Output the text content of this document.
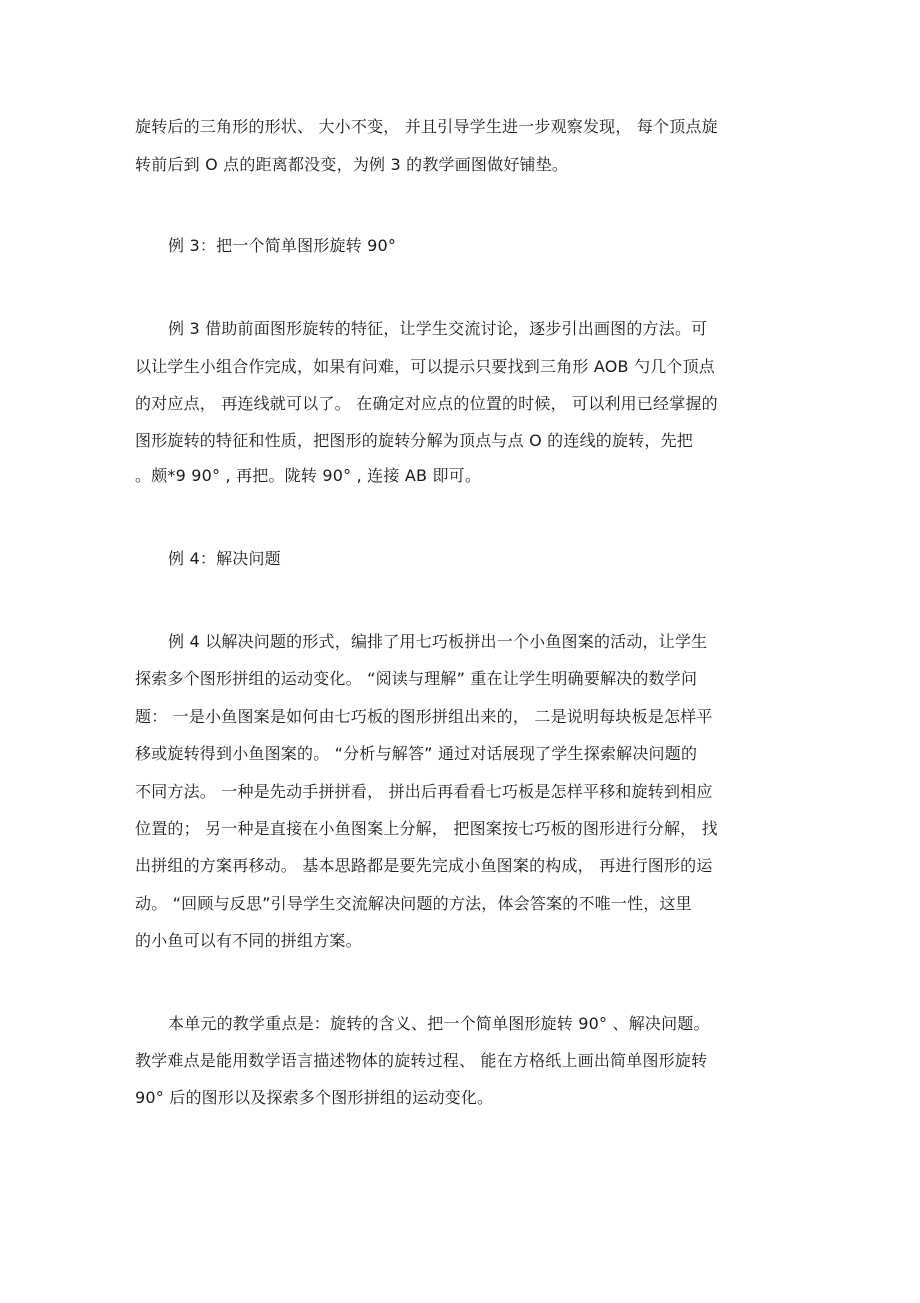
旋转后的三角形的形状、 大小不变， 并且引导学生进一步观察发现， 每个顶点旋
转前后到 O 点的距离都没变，为例 3 的教学画图做好铺垫。
例 3：把一个简单图形旋转 90°
例 3 借助前面图形旋转的特征，让学生交流讨论，逐步引出画图的方法。可
以让学生小组合作完成，如果有问难，可以提示只要找到三角形 AOB 勺几个顶点
的对应点， 再连线就可以了。 在确定对应点的位置的时候， 可以利用已经掌握的
图形旋转的特征和性质，把图形的旋转分解为顶点与点 O 的连线的旋转，先把
。颇*9 90° , 再把。陇转 90° , 连接 AB 即可。
例 4：解决问题
例 4 以解决问题的形式，编排了用七巧板拼出一个小鱼图案的活动，让学生
探索多个图形拼组的运动变化。 “阅读与理解” 重在让学生明确要解决的数学问
题： 一是小鱼图案是如何由七巧板的图形拼组出来的， 二是说明每块板是怎样平
移或旋转得到小鱼图案的。 “分析与解答” 通过对话展现了学生探索解决问题的
不同方法。 一种是先动手拼拼看， 拼出后再看看七巧板是怎样平移和旋转到相应
位置的； 另一种是直接在小鱼图案上分解， 把图案按七巧板的图形进行分解， 找
出拼组的方案再移动。 基本思路都是要先完成小鱼图案的构成， 再进行图形的运
动。 “回顾与反思”引导学生交流解决问题的方法，体会答案的不唯一性，这里
的小鱼可以有不同的拼组方案。
本单元的教学重点是：旋转的含义、把一个简单图形旋转 90° 、解决问题。
教学难点是能用数学语言描述物体的旋转过程、 能在方格纸上画出简单图形旋转
90° 后的图形以及探索多个图形拼组的运动变化。
